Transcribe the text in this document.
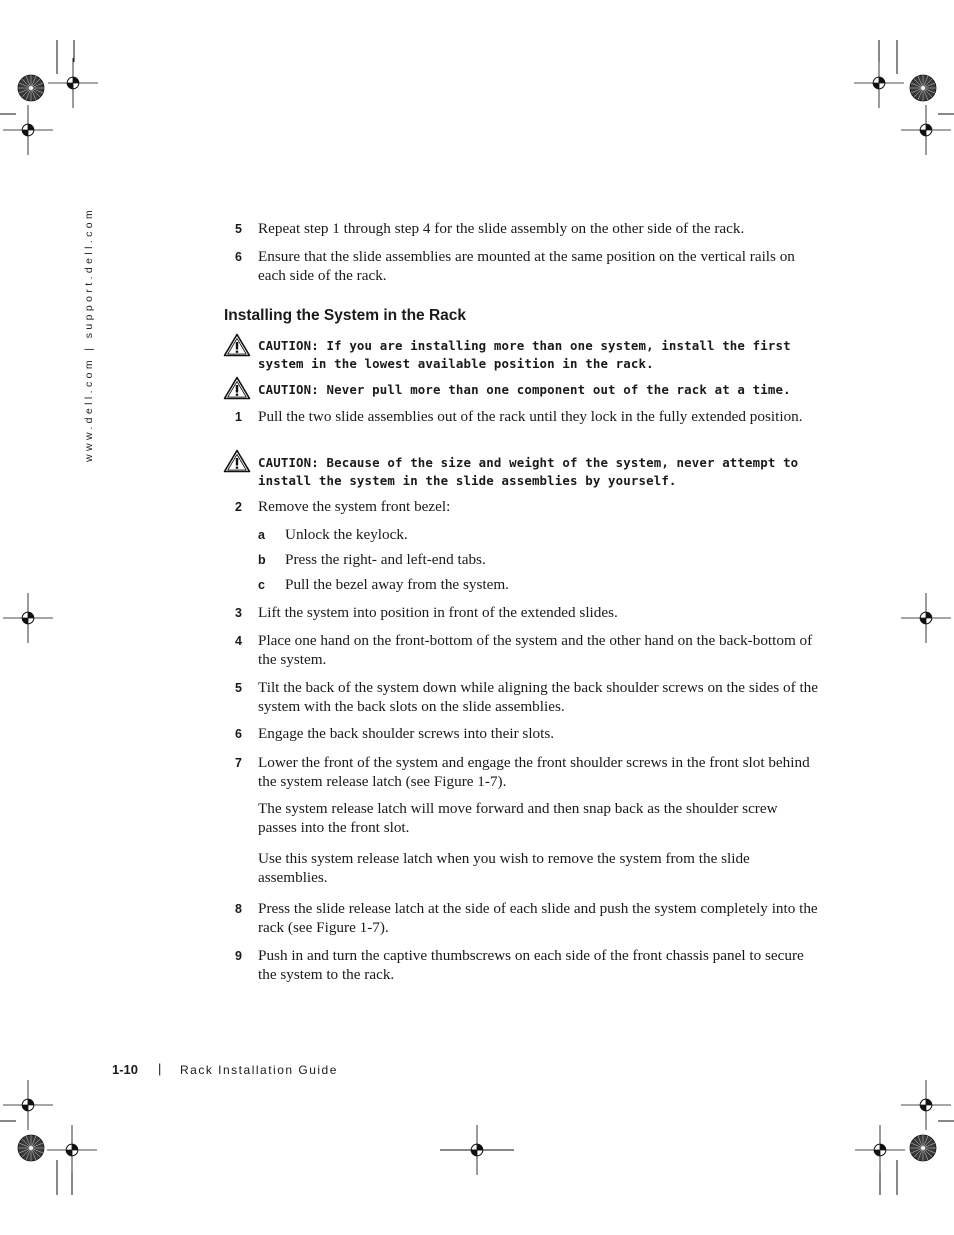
www.dell.com | support.dell.com	5 Repeat step 1 through step 4 for the slide assembly on the other side of the rack.
6 Ensure that the slide assemblies are mounted at the same position on the vertical rails on each side of the rack.
Installing the System in the Rack
CAUTION: If you are installing more than one system, install the first system in the lowest available position in the rack.
CAUTION: Never pull more than one component out of the rack at a time.
1 Pull the two slide assemblies out of the rack until they lock in the fully extended position.
CAUTION: Because of the size and weight of the system, never attempt to install the system in the slide assemblies by yourself.
2 Remove the system front bezel:
a Unlock the keylock.
b Press the right- and left-end tabs.
c Pull the bezel away from the system.
3 Lift the system into position in front of the extended slides.
4 Place one hand on the front-bottom of the system and the other hand on the back-bottom of the system.
5 Tilt the back of the system down while aligning the back shoulder screws on the sides of the system with the back slots on the slide assemblies.
6 Engage the back shoulder screws into their slots.
7 Lower the front of the system and engage the front shoulder screws in the front slot behind the system release latch (see Figure 1-7).
The system release latch will move forward and then snap back as the shoulder screw passes into the front slot.
Use this system release latch when you wish to remove the system from the slide assemblies.
8 Press the slide release latch at the side of each slide and push the system completely into the rack (see Figure 1-7).
9 Push in and turn the captive thumbscrews on each side of the front chassis panel to secure the system to the rack.
1-10 | Rack Installation Guide
